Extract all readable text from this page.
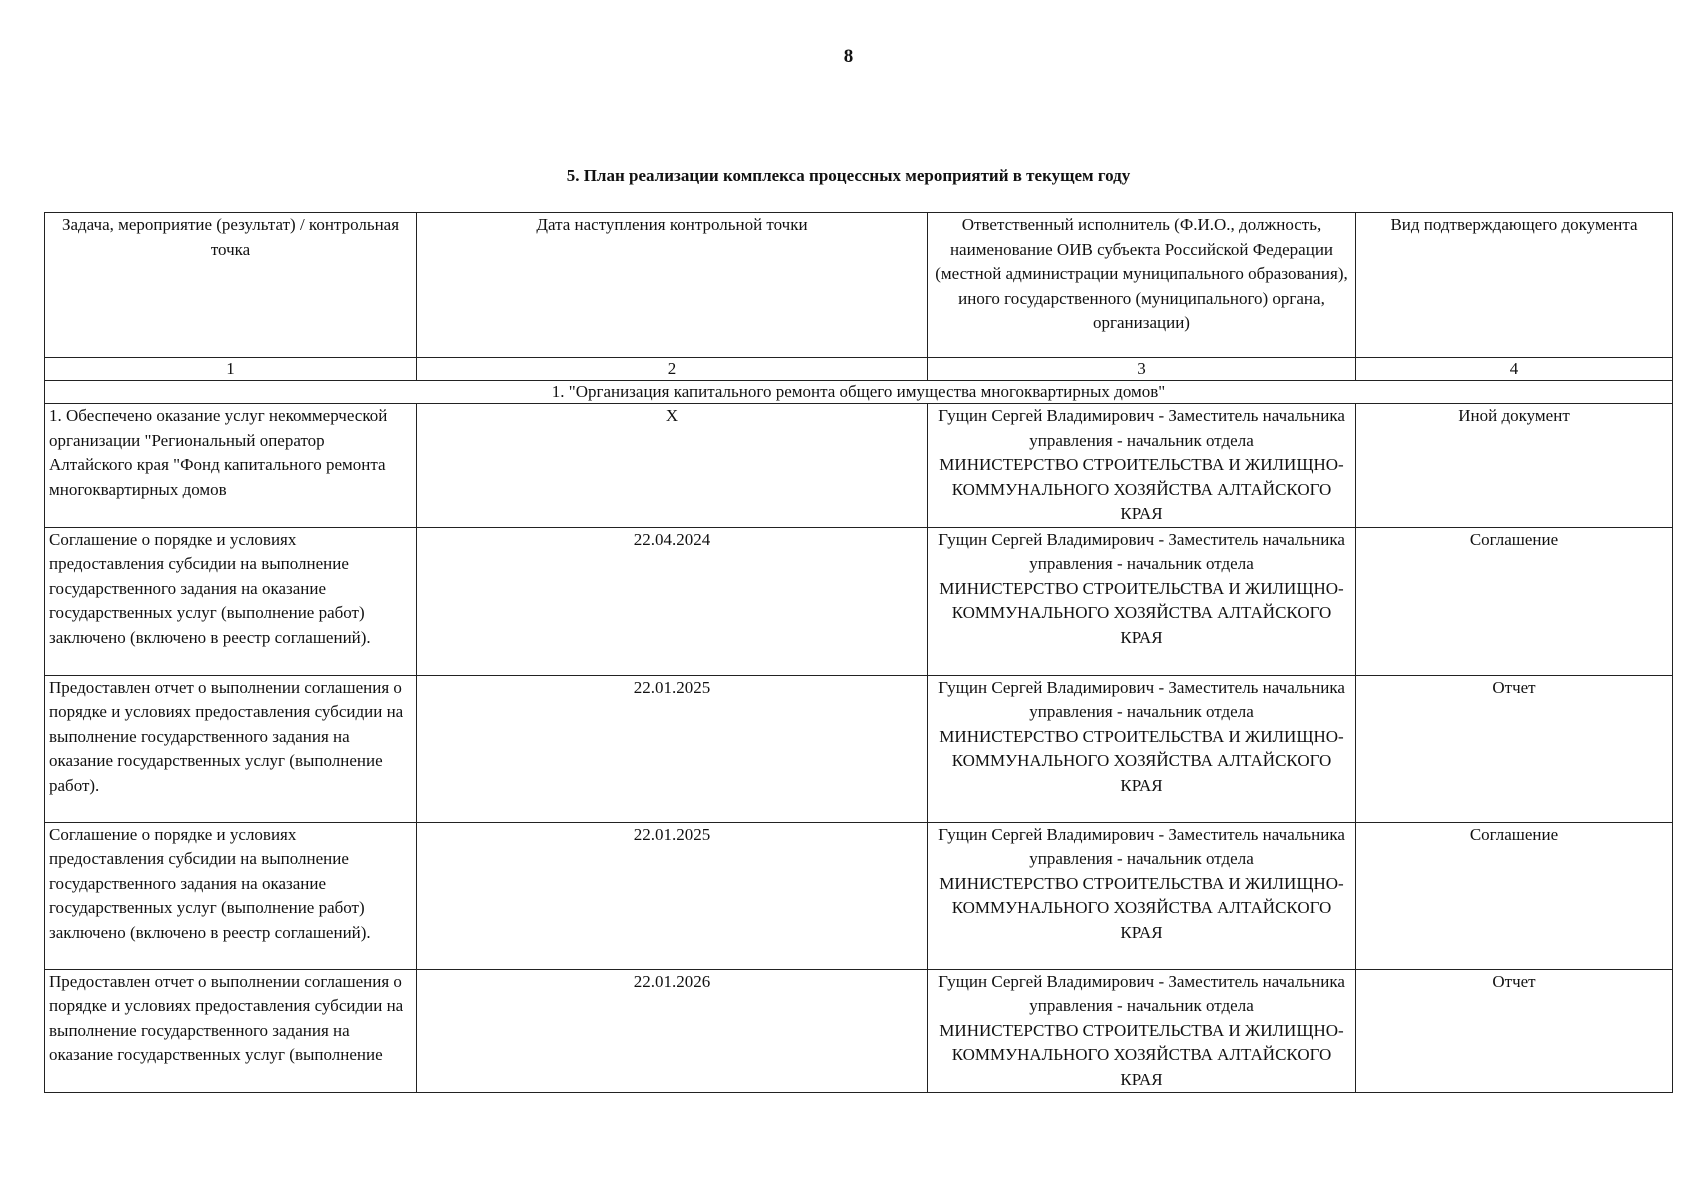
8
5. План реализации комплекса процессных мероприятий в текущем году
Задача, мероприятие (результат) / контрольная точка	Дата наступления контрольной точки	Ответственный исполнитель (Ф.И.О., должность, наименование ОИВ субъекта Российской Федерации (местной администрации муниципального образования), иного государственного (муниципального) органа, организации)	Вид подтверждающего документа
1	2	3	4
1. "Организация капитального ремонта общего имущества многоквартирных домов"			
1. Обеспечено оказание услуг некоммерческой организации "Региональный оператор Алтайского края "Фонд капитального ремонта многоквартирных домов	X	Гущин Сергей Владимирович - Заместитель начальника управления - начальник отдела
МИНИСТЕРСТВО СТРОИТЕЛЬСТВА И ЖИЛИЩНО-КОММУНАЛЬНОГО ХОЗЯЙСТВА АЛТАЙСКОГО КРАЯ	Иной документ
Соглашение о порядке и условиях предоставления субсидии на выполнение государственного задания на оказание государственных услуг (выполнение работ) заключено (включено в реестр соглашений).	22.04.2024	Гущин Сергей Владимирович - Заместитель начальника управления - начальник отдела
МИНИСТЕРСТВО СТРОИТЕЛЬСТВА И ЖИЛИЩНО-КОММУНАЛЬНОГО ХОЗЯЙСТВА АЛТАЙСКОГО КРАЯ	Соглашение
Предоставлен отчет о выполнении соглашения о порядке и условиях предоставления субсидии на выполнение государственного задания на оказание государственных услуг (выполнение работ).	22.01.2025	Гущин Сергей Владимирович - Заместитель начальника управления - начальник отдела
МИНИСТЕРСТВО СТРОИТЕЛЬСТВА И ЖИЛИЩНО-КОММУНАЛЬНОГО ХОЗЯЙСТВА АЛТАЙСКОГО КРАЯ	Отчет
Соглашение о порядке и условиях предоставления субсидии на выполнение государственного задания на оказание государственных услуг (выполнение работ) заключено (включено в реестр соглашений).	22.01.2025	Гущин Сергей Владимирович - Заместитель начальника управления - начальник отдела
МИНИСТЕРСТВО СТРОИТЕЛЬСТВА И ЖИЛИЩНО-КОММУНАЛЬНОГО ХОЗЯЙСТВА АЛТАЙСКОГО КРАЯ	Соглашение
Предоставлен отчет о выполнении соглашения о порядке и условиях предоставления субсидии на выполнение государственного задания на оказание государственных услуг (выполнение	22.01.2026	Гущин Сергей Владимирович - Заместитель начальника управления - начальник отдела
МИНИСТЕРСТВО СТРОИТЕЛЬСТВА И ЖИЛИЩНО-КОММУНАЛЬНОГО ХОЗЯЙСТВА АЛТАЙСКОГО КРАЯ	Отчет
